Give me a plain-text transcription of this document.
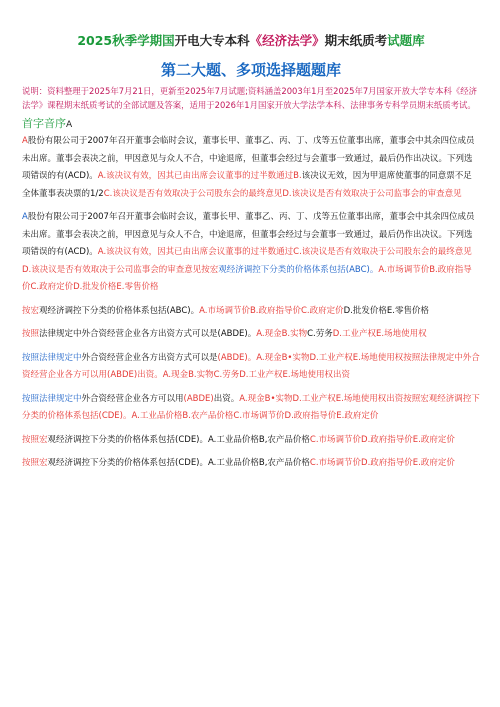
2025秋季学期国开电大专本科《经济法学》期末纸质考试题库
第二大题、多项选择题题库

说明：资料整理于2025年7月21日，更新至2025年7月试题;资料涵盖2003年1月至2025年7月国家开放大学专本科《经济法学》课程期末纸质考试的全部试题及答案，适用于2026年1月国家开放大学法学本科、法律事务专科学员期末纸质考试。

首字音序A

A股份有限公司于2007年召开董事会临时会议，董事长甲、董事乙、丙、丁、戊等五位董事出席，董事会中其余四位成员未出席。董事会表决之前，甲因意见与众人不合，中途退席，但董事会经过与会董事一致通过，最后仍作出决议。下列选项错误的有(ACD)。A.该决议有效，因其已由出席会议董事的过半数通过B.该决议无效，因为甲退席使董事的同意票不足全体董事表决票的1/2C.该决议是否有效取决于公司股东会的最终意见D.该决议是否有效取决于公司监事会的审查意见

A股份有限公司于2007年召开董事会临时会议，董事长甲、董事乙、丙、丁、戊等五位董事出席，董事会中其余四位成员未出席。董事会表决之前，甲因意见与众人不合，中途退席，但董事会经过与会董事一致通过，最后仍作出决议。下列选项错误的有(ACD)。A.该决议有效，因其已由出席会议董事的过半数通过C.该决议是否有效取决于公司股东会的最终意见D.该决议是否有效取决于公司监事会的审查意见按宏观经济调控下分类的价格体系包括(ABC)。A.市场调节价B.政府指导价C.政府定价D.批发价格E.零售价格

按宏观经济调控下分类的价格体系包括(ABC)。A.市场调节价B.政府指导价C.政府定价D.批发价格E.零售价格

按照法律规定中外合资经营企业各方出资方式可以是(ABDE)。A.现金B.实物C.劳务D.工业产权E.场地使用权

按照法律规定中外合资经营企业各方出资方式可以是(ABDE)。A.现金B•实物D.工业产权E.场地使用权按照法律规定中外合资经营企业各方可以用(ABDE)出资。A.现金B.实物C.劳务D.工业产权E.场地使用权出资

按照法律规定中外合资经营企业各方可以用(ABDE)出资。A.现金B•实物D.工业产权E.场地使用权出资按照宏观经济调控下分类的价格体系包括(CDE)。A.工业品价格B.农产品价格C.市场调节价D.政府指导价E.政府定价

按照宏观经济调控下分类的价格体系包括(CDE)。A.工业品价格B,农产品价格C.市场调节价D.政府指导价E.政府定价

按照宏观经济调控下分类的价格体系包括(CDE)。A.工业品价格B,农产品价格C.市场调节价D.政府指导价E.政府定价
